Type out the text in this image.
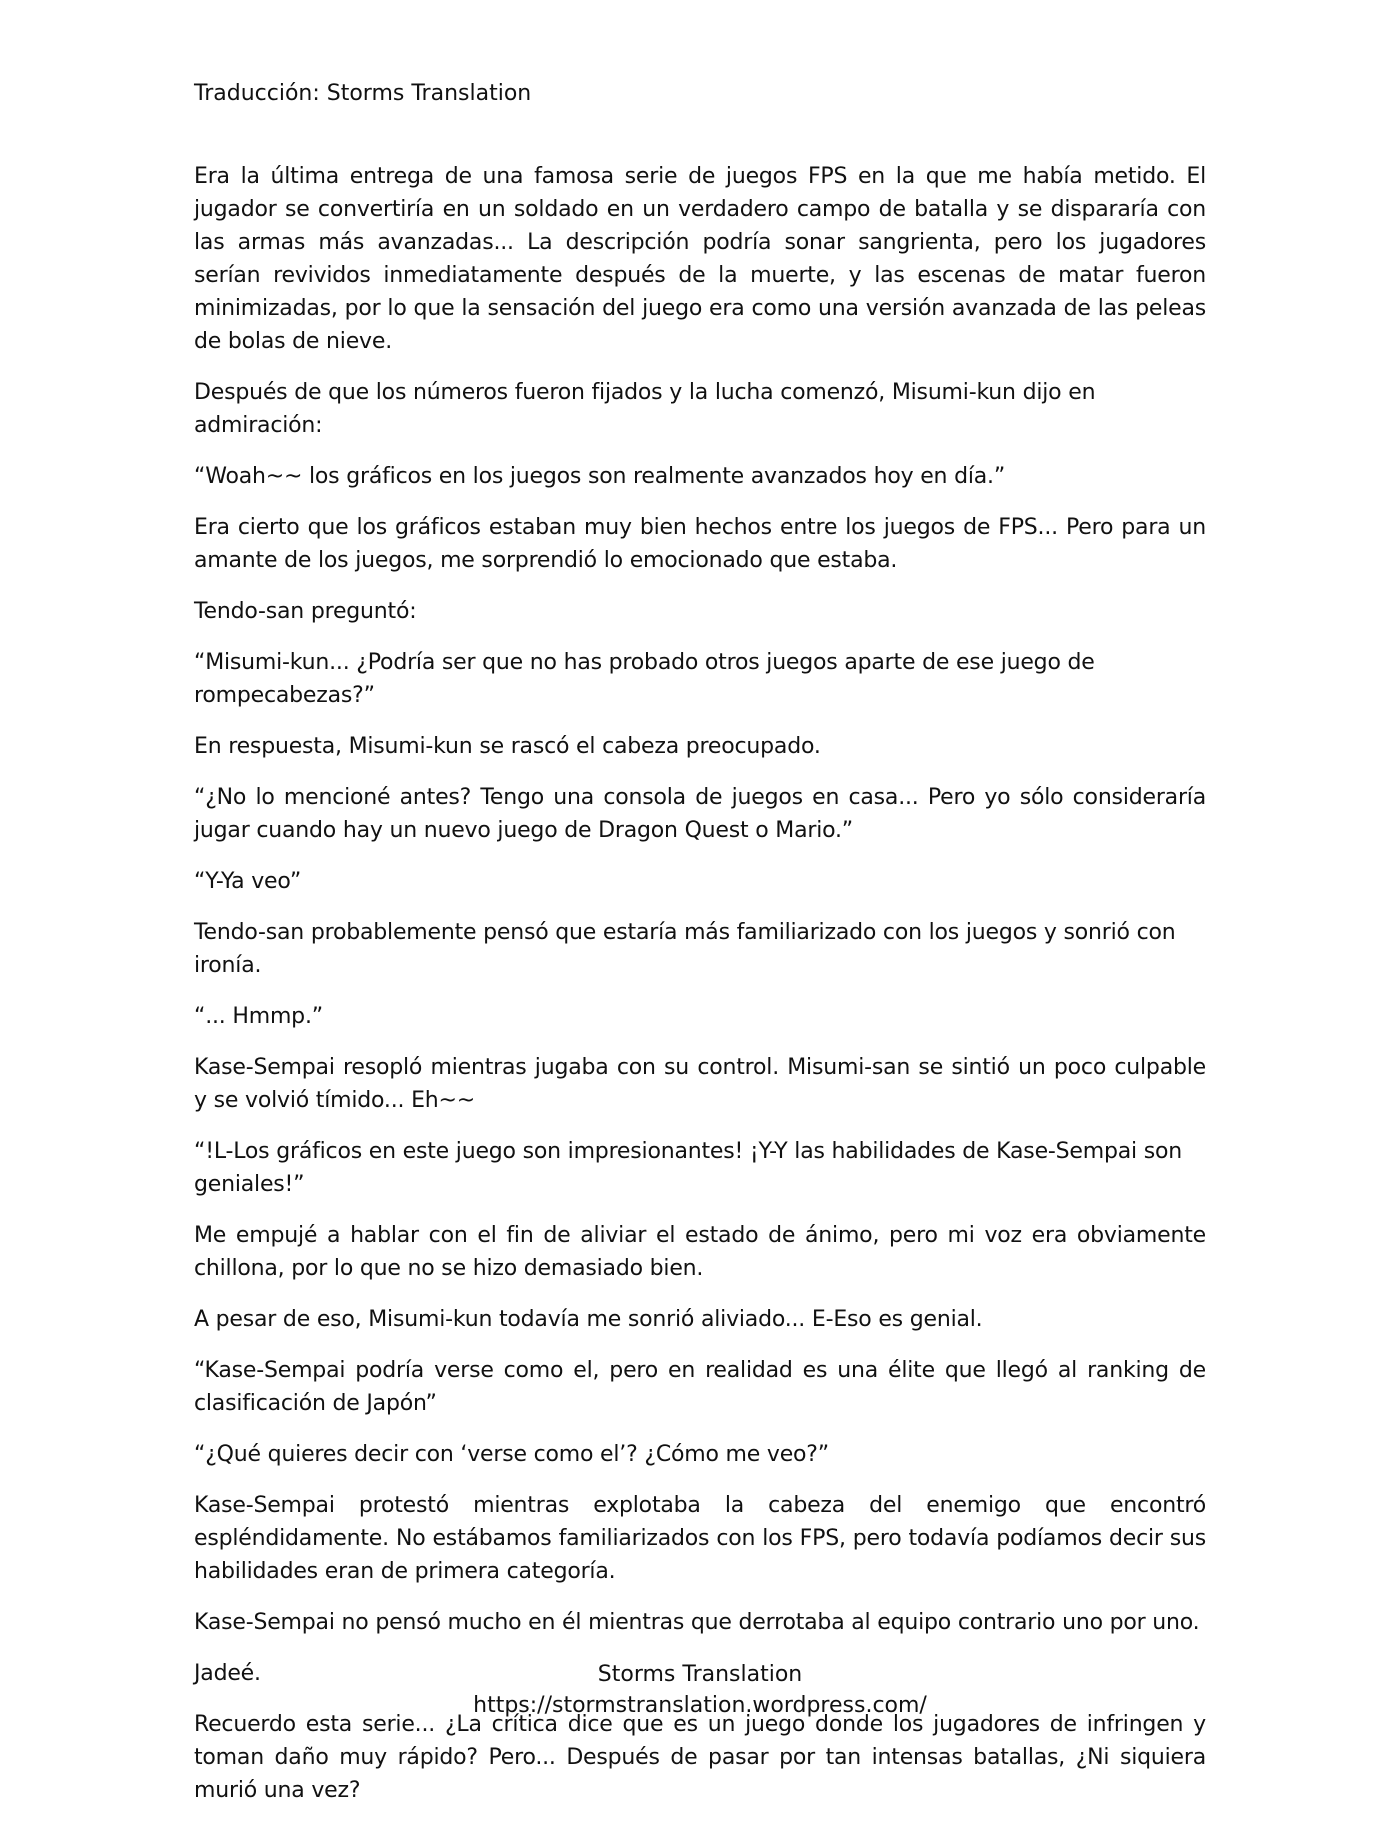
Traducción: Storms Translation

Era la última entrega de una famosa serie de juegos FPS en la que me había metido. El jugador se convertiría en un soldado en un verdadero campo de batalla y se dispararía con las armas más avanzadas... La descripción podría sonar sangrienta, pero los jugadores serían revividos inmediatamente después de la muerte, y las escenas de matar fueron minimizadas, por lo que la sensación del juego era como una versión avanzada de las peleas de bolas de nieve.

Después de que los números fueron fijados y la lucha comenzó, Misumi-kun dijo en admiración:

“Woah~~ los gráficos en los juegos son realmente avanzados hoy en día.”

Era cierto que los gráficos estaban muy bien hechos entre los juegos de FPS... Pero para un amante de los juegos, me sorprendió lo emocionado que estaba.

Tendo-san preguntó:

“Misumi-kun... ¿Podría ser que no has probado otros juegos aparte de ese juego de rompecabezas?”

En respuesta, Misumi-kun se rascó el cabeza preocupado.

“¿No lo mencioné antes? Tengo una consola de juegos en casa... Pero yo sólo consideraría jugar cuando hay un nuevo juego de Dragon Quest o Mario.”

“Y-Ya veo”

Tendo-san probablemente pensó que estaría más familiarizado con los juegos y sonrió con ironía.

“... Hmmp.”

Kase-Sempai resopló mientras jugaba con su control. Misumi-san se sintió un poco culpable y se volvió tímido... Eh~~

“!L-Los gráficos en este juego son impresionantes! ¡Y-Y las habilidades de Kase-Sempai son geniales!”

Me empujé a hablar con el fin de aliviar el estado de ánimo, pero mi voz era obviamente chillona, por lo que no se hizo demasiado bien.

A pesar de eso, Misumi-kun todavía me sonrió aliviado... E-Eso es genial.

“Kase-Sempai podría verse como el, pero en realidad es una élite que llegó al ranking de clasificación de Japón”

“¿Qué quieres decir con ‘verse como el’? ¿Cómo me veo?”

Kase-Sempai protestó mientras explotaba la cabeza del enemigo que encontró espléndidamente. No estábamos familiarizados con los FPS, pero todavía podíamos decir sus habilidades eran de primera categoría.

Kase-Sempai no pensó mucho en él mientras que derrotaba al equipo contrario uno por uno.

Jadeé.

Recuerdo esta serie... ¿La crítica dice que es un juego donde los jugadores de infringen y toman daño muy rápido? Pero... Después de pasar por tan intensas batallas, ¿Ni siquiera murió una vez?

Storms Translation

https://stormstranslation.wordpress.com/
